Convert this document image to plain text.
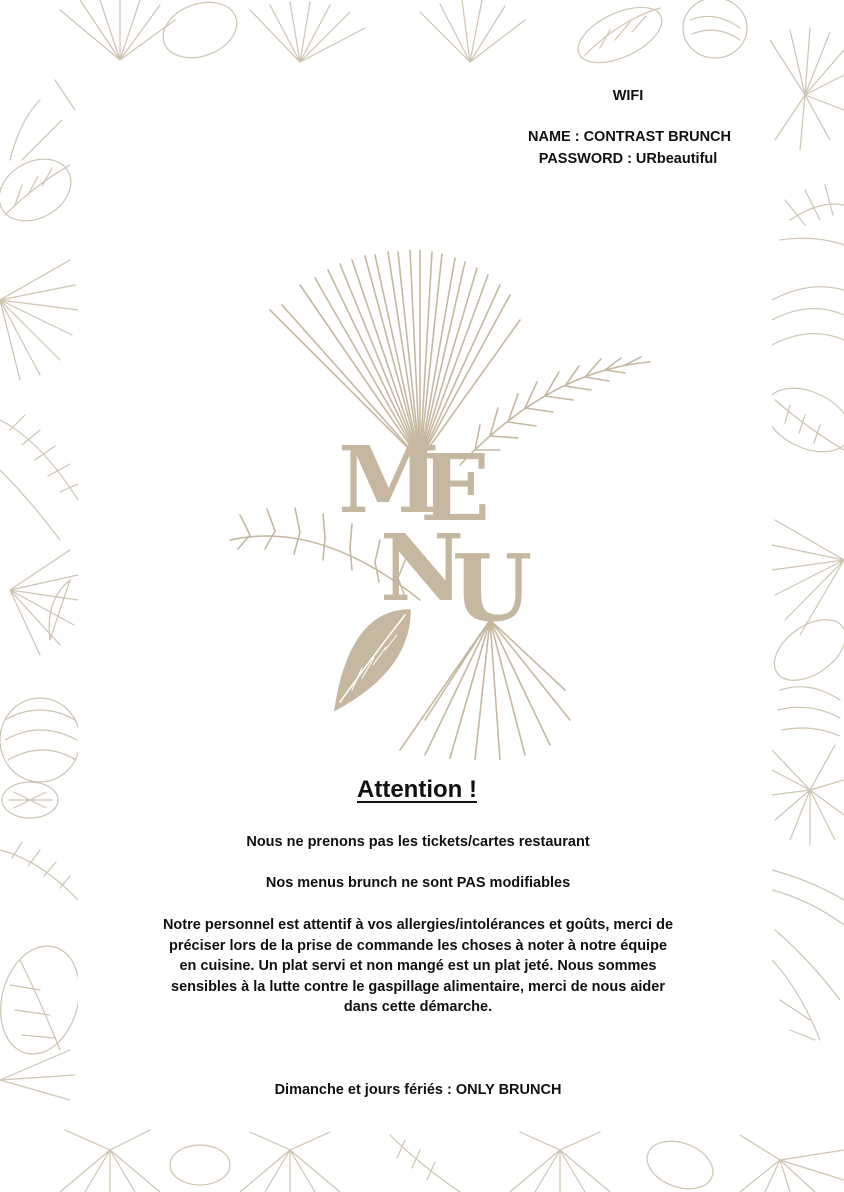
WIFI
NAME : CONTRAST BRUNCH
PASSWORD : URbeautiful
M
E
N
U
Attention !
Nous ne prenons pas les tickets/cartes restaurant
Nos menus brunch ne sont PAS modifiables
Notre personnel est attentif à vos allergies/intolérances et goûts, merci de préciser lors de la prise de commande les choses à noter à notre équipe en cuisine. Un plat servi et non mangé est un plat jeté. Nous sommes sensibles à la lutte contre le gaspillage alimentaire, merci de nous aider dans cette démarche.
Dimanche et jours fériés : ONLY BRUNCH
